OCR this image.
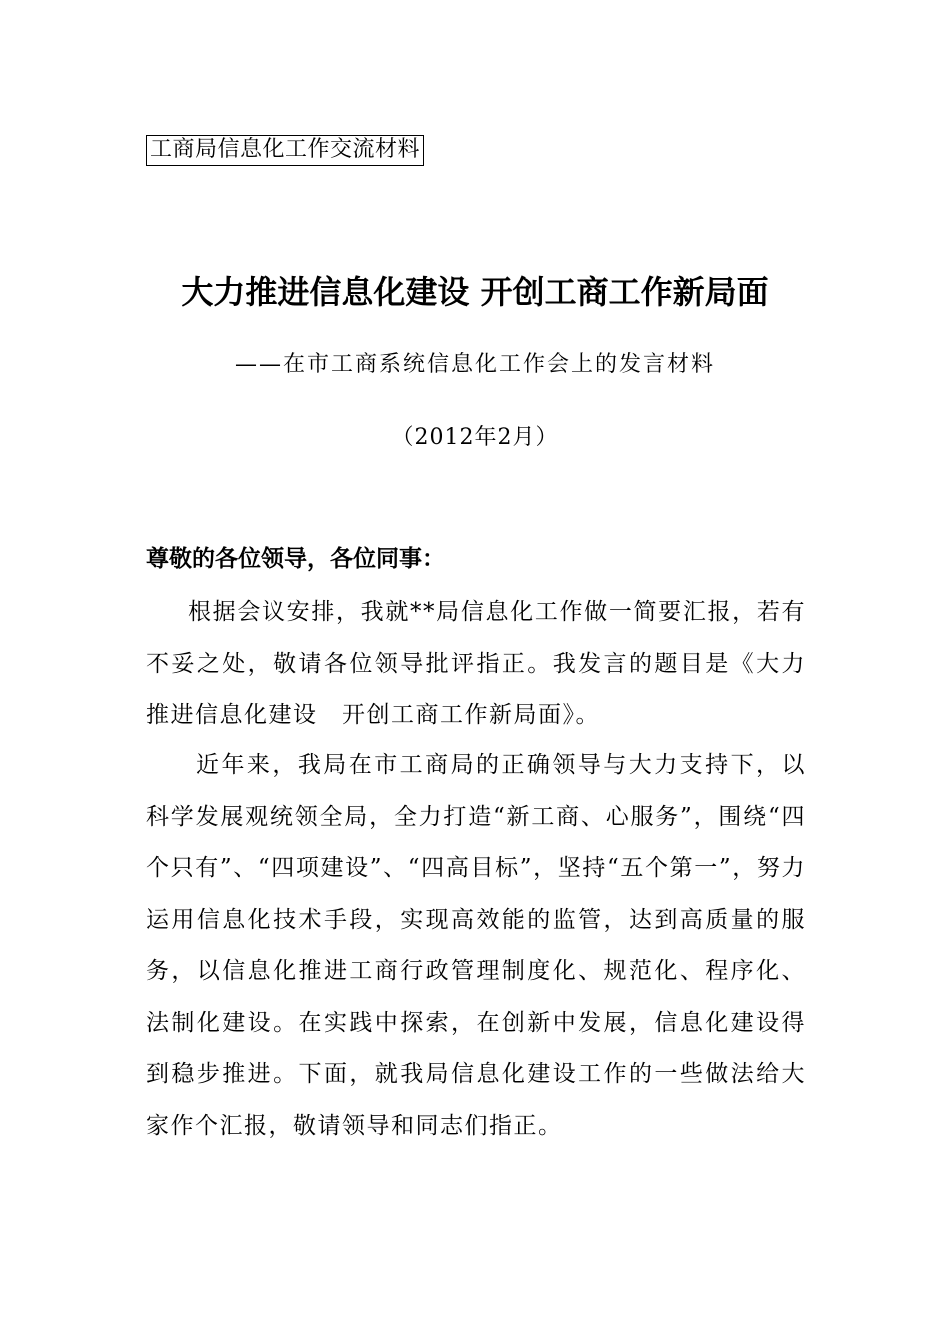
工商局信息化工作交流材料
大力推进信息化建设 开创工商工作新局面
——在市工商系统信息化工作会上的发言材料
（2012年2月）
尊敬的各位领导，各位同事：

根据会议安排，我就**局信息化工作做一简要汇报，若有不妥之处，敬请各位领导批评指正。我发言的题目是《大力推进信息化建设　开创工商工作新局面》。

近年来，我局在市工商局的正确领导与大力支持下，以科学发展观统领全局，全力打造“新工商、心服务”，围绕“四个只有”、“四项建设”、“四高目标”，坚持“五个第一”，努力运用信息化技术手段，实现高效能的监管，达到高质量的服务，以信息化推进工商行政管理制度化、规范化、程序化、法制化建设。在实践中探索，在创新中发展，信息化建设得到稳步推进。下面，就我局信息化建设工作的一些做法给大家作个汇报，敬请领导和同志们指正。
